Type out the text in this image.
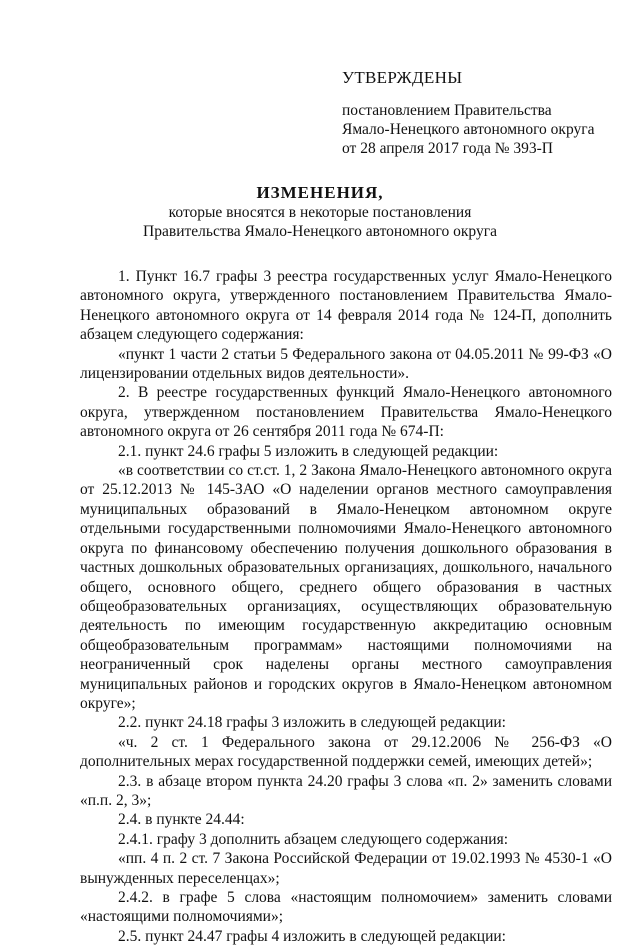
УТВЕРЖДЕНЫ
постановлением Правительства
Ямало-Ненецкого автономного округа
от 28 апреля 2017 года № 393-П
ИЗМЕНЕНИЯ,
которые вносятся в некоторые постановления
Правительства Ямало-Ненецкого автономного округа

1. Пункт 16.7 графы 3 реестра государственных услуг Ямало-Ненецкого автономного округа, утвержденного постановлением Правительства Ямало-Ненецкого автономного округа от 14 февраля 2014 года № 124-П, дополнить абзацем следующего содержания:

«пункт 1 части 2 статьи 5 Федерального закона от 04.05.2011 № 99-ФЗ «О лицензировании отдельных видов деятельности».

2. В реестре государственных функций Ямало-Ненецкого автономного округа, утвержденном постановлением Правительства Ямало-Ненецкого автономного округа от 26 сентября 2011 года № 674-П:

2.1. пункт 24.6 графы 5 изложить в следующей редакции:

«в соответствии со ст.ст. 1, 2 Закона Ямало-Ненецкого автономного округа от 25.12.2013 № 145-ЗАО «О наделении органов местного самоуправления муниципальных образований в Ямало-Ненецком автономном округе отдельными государственными полномочиями Ямало-Ненецкого автономного округа по финансовому обеспечению получения дошкольного образования в частных дошкольных образовательных организациях, дошкольного, начального общего, основного общего, среднего общего образования в частных общеобразовательных организациях, осуществляющих образовательную деятельность по имеющим государственную аккредитацию основным общеобразовательным программам» настоящими полномочиями на неограниченный срок наделены органы местного самоуправления муниципальных районов и городских округов в Ямало-Ненецком автономном округе»;

2.2. пункт 24.18 графы 3 изложить в следующей редакции:

«ч. 2 ст. 1 Федерального закона от 29.12.2006 № 256-ФЗ «О дополнительных мерах государственной поддержки семей, имеющих детей»;

2.3. в абзаце втором пункта 24.20 графы 3 слова «п. 2» заменить словами «п.п. 2, 3»;

2.4. в пункте 24.44:

2.4.1. графу 3 дополнить абзацем следующего содержания:

«пп. 4 п. 2 ст. 7 Закона Российской Федерации от 19.02.1993 № 4530-1 «О вынужденных переселенцах»;

2.4.2. в графе 5 слова «настоящим полномочием» заменить словами «настоящими полномочиями»;

2.5. пункт 24.47 графы 4 изложить в следующей редакции:
